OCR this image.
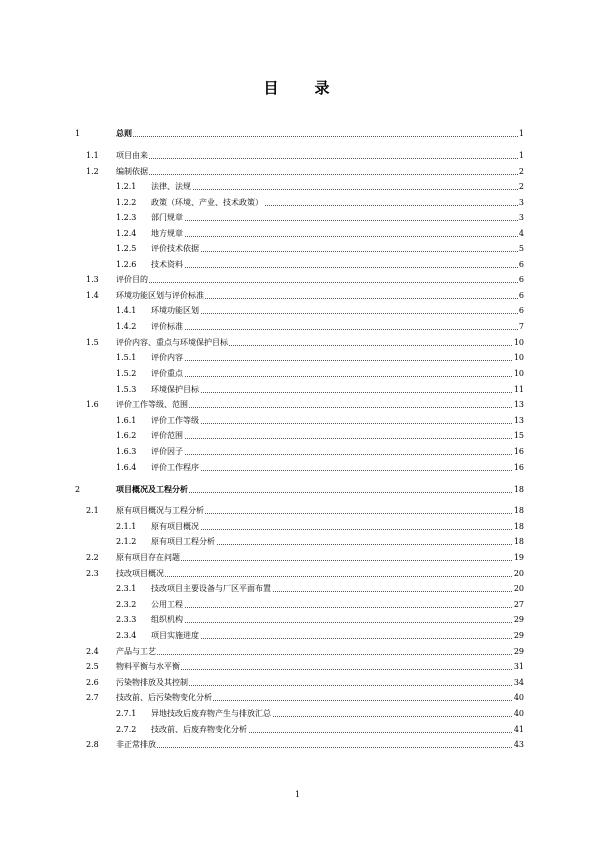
目 录
1	总则	1
1.1 项目由来	1
1.2 编制依据	2
1.2.1 法律、法规	2
1.2.2 政策（环境、产业、技术政策）	3
1.2.3 部门规章	3
1.2.4 地方规章	4
1.2.5 评价技术依据	5
1.2.6 技术资料	6
1.3 评价目的	6
1.4 环境功能区划与评价标准	6
1.4.1 环境功能区划	6
1.4.2 评价标准	7
1.5 评价内容、重点与环境保护目标	10
1.5.1 评价内容	10
1.5.2 评价重点	10
1.5.3 环境保护目标	11
1.6 评价工作等级、范围	13
1.6.1 评价工作等级	13
1.6.2 评价范围	15
1.6.3 评价因子	16
1.6.4 评价工作程序	16
2	项目概况及工程分析	18
2.1 原有项目概况与工程分析	18
2.1.1 原有项目概况	18
2.1.2 原有项目工程分析	18
2.2 原有项目存在问题	19
2.3 技改项目概况	20
2.3.1 技改项目主要设备与厂区平面布置	20
2.3.2 公用工程	27
2.3.3 组织机构	29
2.3.4 项目实施进度	29
2.4 产品与工艺	29
2.5 物料平衡与水平衡	31
2.6 污染物排放及其控制	34
2.7 技改前、后污染物变化分析	40
2.7.1 异地技改后废弃物产生与排放汇总	40
2.7.2 技改前、后废弃物变化分析	41
2.8 非正常排放	43
1
